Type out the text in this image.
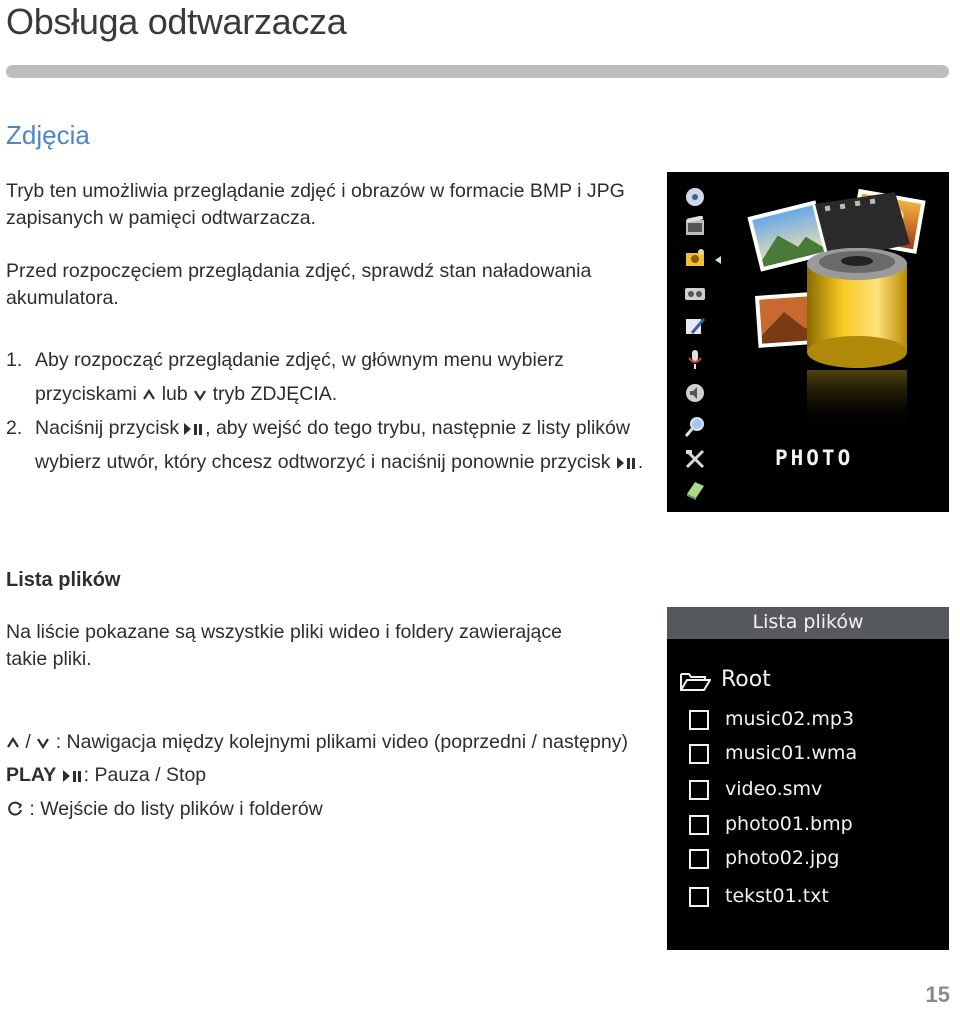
Obsługa odtwarzacza
Zdjęcia
Tryb ten umożliwia przeglądanie zdjęć i obrazów w formacie BMP i JPG zapisanych w pamięci odtwarzacza.
Przed rozpoczęciem przeglądania zdjęć, sprawdź stan naładowania akumulatora.
1. Aby rozpocząć przeglądanie zdjęć, w głównym menu wybierz
przyciskami lub tryb ZDJĘCIA.
2. Naciśnij przycisk , aby wejść do tego trybu, następnie z listy plików
wybierz utwór, który chcesz odtworzyć i naciśnij ponownie przycisk .	PHOTO
Lista plików
Na liście pokazane są wszystkie pliki wideo i foldery zawierające takie pliki.
/ : Nawigacja między kolejnymi plikami video (poprzedni / następny)
PLAY : Pauza / Stop
: Wejście do listy plików i folderów
Lista plików
Root
music02.mp3
music01.wma
video.smv
photo01.bmp
photo02.jpg
tekst01.txt
15
